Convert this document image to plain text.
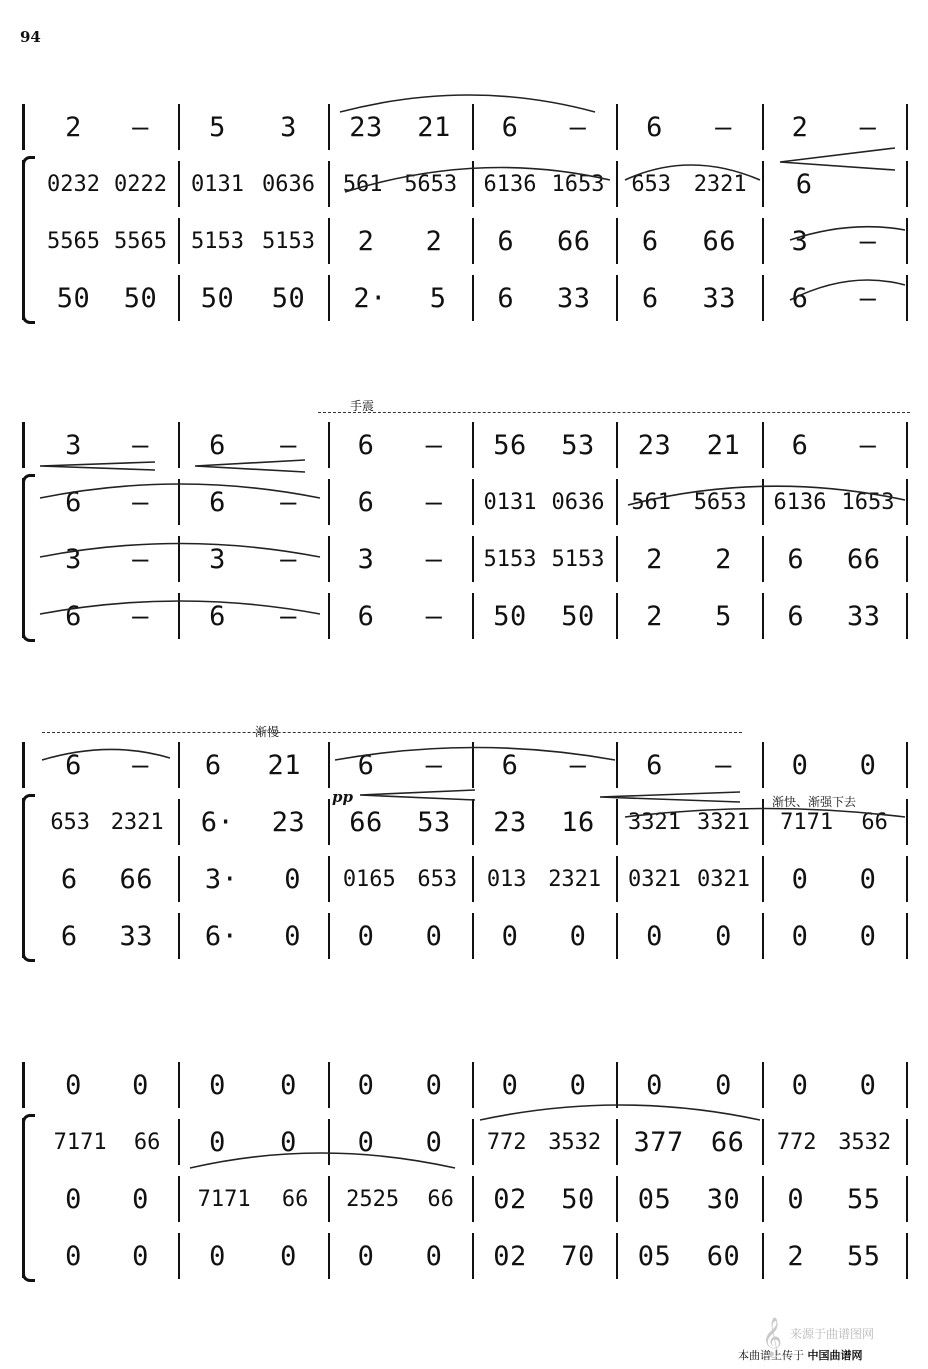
94
2 – 5 3 23 21 6 – 6 – 2 –
0232 0222 0131 0636 561 5653 6136 1653 653 2321 6
5565 5565 5153 5153 2 2 6 66 6 66 3 –
50 50 50 50 2· 5 6 33 6 33 6 –
3 – 6 – 6 – 56 53 23 21 6 –
6 – 6 – 6 – 0131 0636 561 5653 6136 1653
3 – 3 – 3 – 5153 5153 2 2 6 66
6 – 6 – 6 – 50 50 2 5 6 33
6 – 6 21 6 – 6 – 6 – 0 0
653 2321 6· 23 66 53 23 16 3321 3321 7171 66
6 66 3· 0 0165 653 013 2321 0321 0321 0 0
6 33 6· 0 0 0 0 0 0 0 0 0
0 0 0 0 0 0 0 0 0 0 0 0
7171 66 0 0 0 0 772 3532 377 66 772 3532
0 0 7171 66 2525 66 02 50 05 30 0 55
0 0 0 0 0 0 02 70 05 60 2 55
手震
渐慢
pp	渐快、渐强下去
本曲谱上传于 中国曲谱网
𝄞 来源于曲谱图网
